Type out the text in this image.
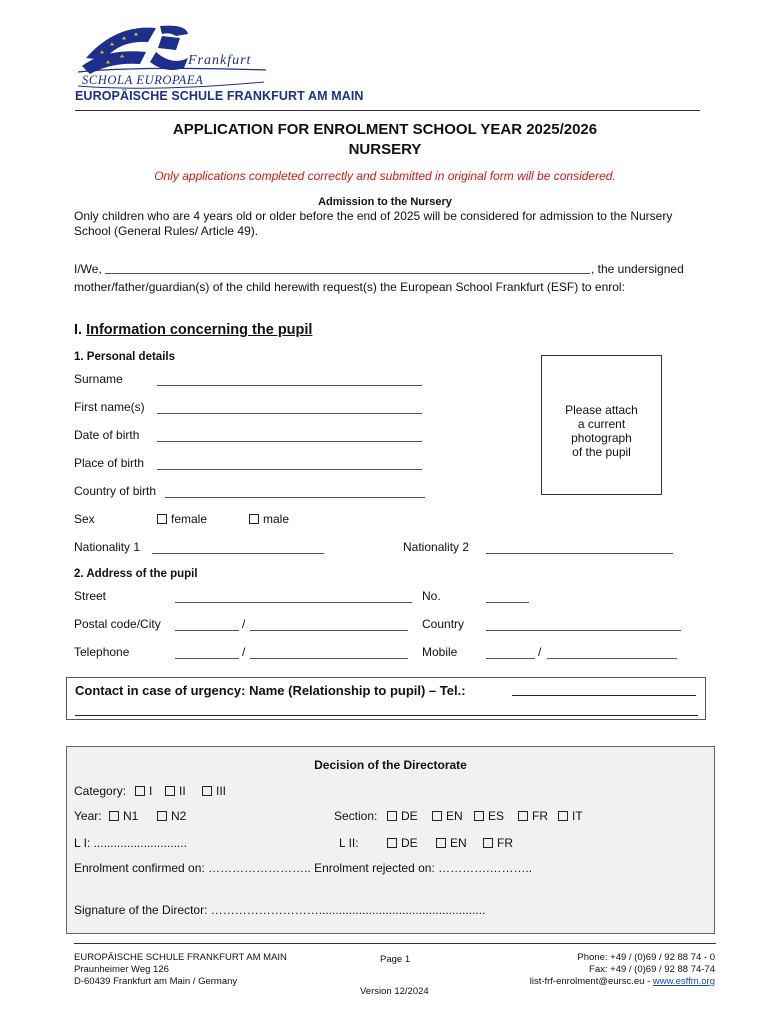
Frankfurt
SCHOLA EUROPAEA
EUROPÄISCHE SCHULE FRANKFURT AM MAIN
APPLICATION FOR ENROLMENT SCHOOL YEAR 2025/2026
NURSERY
Only applications completed correctly and submitted in original form will be considered.
Admission to the Nursery
Only children who are 4 years old or older before the end of 2025 will be considered for admission to the Nursery School (General Rules/ Article 49).
I/We,	, the undersigned
mother/father/guardian(s) of the child herewith request(s) the European School Frankfurt (ESF) to enrol:
I. Information concerning the pupil
1. Personal details
Surname
First name(s)
Date of birth
Place of birth
Country of birth
Sex	female	male
Nationality 1	Nationality 2
Please attach
a current
photograph
of the pupil
2. Address of the pupil
Street	No.
Postal code/City	/	Country
Telephone	/	Mobile	/
Contact in case of urgency: Name (Relationship to pupil) – Tel.:
Decision of the Directorate
Category:	I	II	III
Year:	N1	N2	Section:	DE	EN	ES	FR	IT
L I: ............................	L II:	DE	EN	FR
Enrolment confirmed on: …………………….. Enrolment rejected on: ………….………..
Signature of the Director: ………………………..................................................
EUROPÄISCHE SCHULE FRANKFURT AM MAIN
Praunheimer Weg 126
D-60439 Frankfurt am Main / Germany
Page 1
Version 12/2024
Phone: +49 / (0)69 / 92 88 74 - 0
Fax: +49 / (0)69 / 92 88 74-74
list-frf-enrolment@eursc.eu - www.esffm.org
